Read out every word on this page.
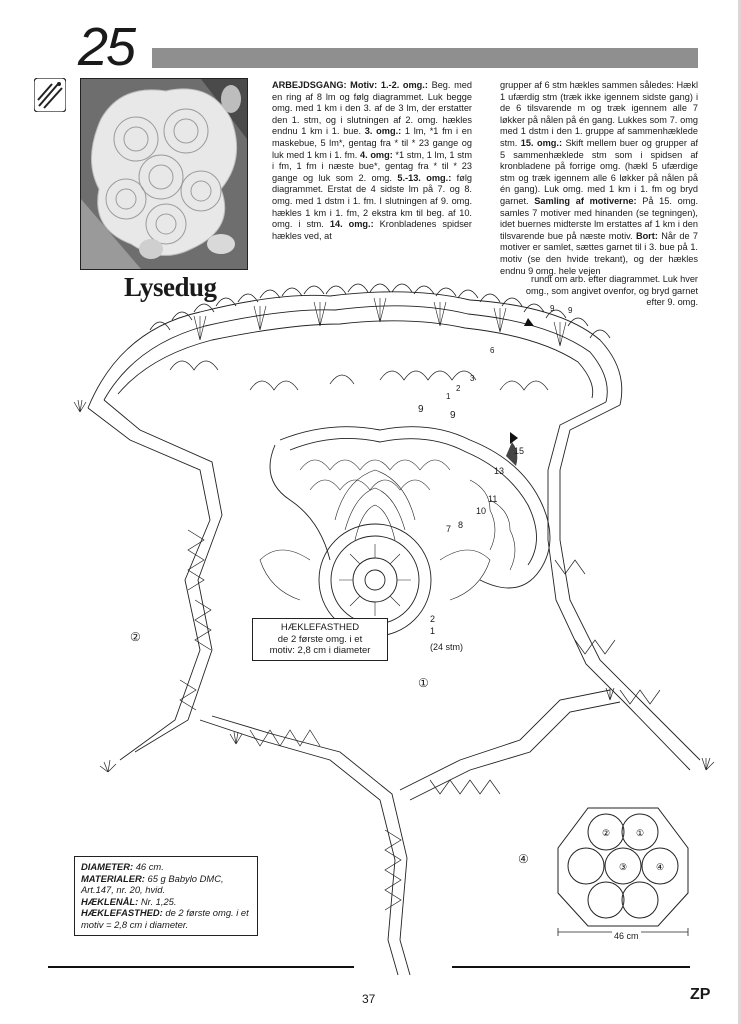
25
Lysedug
ARBEJDSGANG: Motiv: 1.-2. omg.: Beg. med en ring af 8 lm og følg diagrammet. Luk begge omg. med 1 km i den 3. af de 3 lm, der erstatter den 1. stm, og i slutningen af 2. omg. hækles endnu 1 km i 1. bue. 3. omg.: 1 lm, *1 fm i en maskebue, 5 lm*, gentag fra * til * 23 gange og luk med 1 km i 1. fm. 4. omg: *1 stm, 1 lm, 1 stm i fm, 1 fm i næste bue*, gentag fra * til * 23 gange og luk som 2. omg. 5.-13. omg.: følg diagrammet. Erstat de 4 sidste lm på 7. og 8. omg. med 1 dstm i 1. fm. I slutningen af 9. omg. hækles 1 km i 1. fm, 2 ekstra km til beg. af 10. omg. i stm. 14. omg.: Kronbladenes spidser hækles ved, at
grupper af 6 stm hækles sammen således: Hækl 1 ufærdig stm (træk ikke igennem sidste gang) i de 6 tilsvarende m og træk igennem alle 7 løkker på nålen på én gang. Lukkes som 7. omg med 1 dstm i den 1. gruppe af sammenhæklede stm. 15. omg.: Skift mellem buer og grupper af 5 sammenhæklede stm som i spidsen af kronbladene på forrige omg. (hækl 5 ufærdige stm og træk igennem alle 6 løkker på nålen på én gang). Luk omg. med 1 km i 1. fm og bryd garnet. Samling af motiverne: På 15. omg. samles 7 motiver med hinanden (se tegningen), idet buernes midterste lm erstattes af 1 km i den tilsvarende bue på næste motiv. Bort: Når de 7 motiver er samlet, sættes garnet til i 3. bue på 1. motiv (se den hvide trekant), og der hækles endnu 9 omg. hele vejen
rundt om arb. efter diagrammet. Luk hver omg., som angivet ovenfor, og bryd garnet efter 9. omg.
②
①
④
(24 stm)
9
9
9
15
13
11
10
8
7
2
1
9
6
3
2
1
HÆKLEFASTHED
de 2 første omg. i et
motiv: 2,8 cm i diameter
DIAMETER: 46 cm.
MATERIALER: 65 g Babylo DMC, Art.147, nr. 20, hvid.
HÆKLENÅL: Nr. 1,25.
HÆKLEFASTHED: de 2 første omg. i et motiv = 2,8 cm i diameter.
②	①
③	④
46 cm
37	ZP
